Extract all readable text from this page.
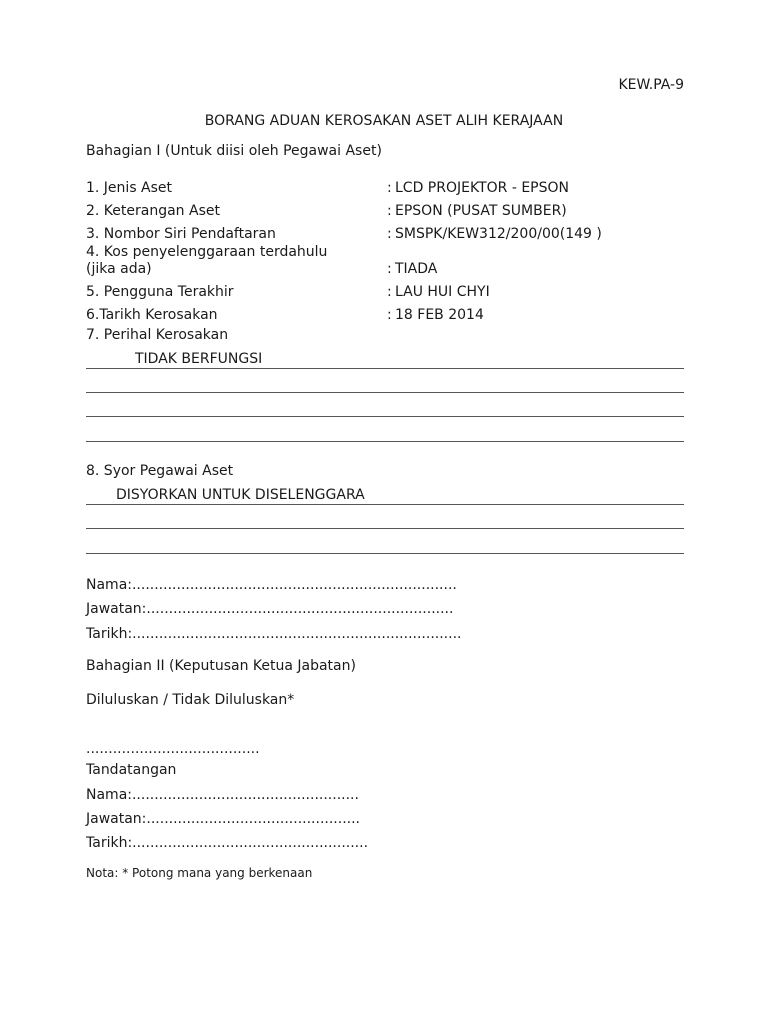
KEW.PA-9
BORANG ADUAN KEROSAKAN ASET ALIH KERAJAAN
Bahagian I (Untuk diisi oleh Pegawai Aset)
1. Jenis Aset	: LCD PROJEKTOR - EPSON
2. Keterangan Aset	: EPSON (PUSAT SUMBER)
3. Nombor Siri Pendaftaran	: SMSPK/KEW312/200/00(149 )
4. Kos penyelenggaraan terdahulu
(jika ada)	: TIADA
5. Pengguna Terakhir	: LAU HUI CHYI
6.Tarikh Kerosakan	: 18 FEB 2014
7. Perihal Kerosakan
TIDAK BERFUNGSI
8. Syor Pegawai Aset
DISYORKAN UNTUK DISELENGGARA
Nama:.........................................................................
Jawatan:.....................................................................
Tarikh:..........................................................................
Bahagian II (Keputusan Ketua Jabatan)
Diluluskan / Tidak Diluluskan*
.......................................
Tandatangan
Nama:...................................................
Jawatan:................................................
Tarikh:.....................................................
Nota: * Potong mana yang berkenaan
